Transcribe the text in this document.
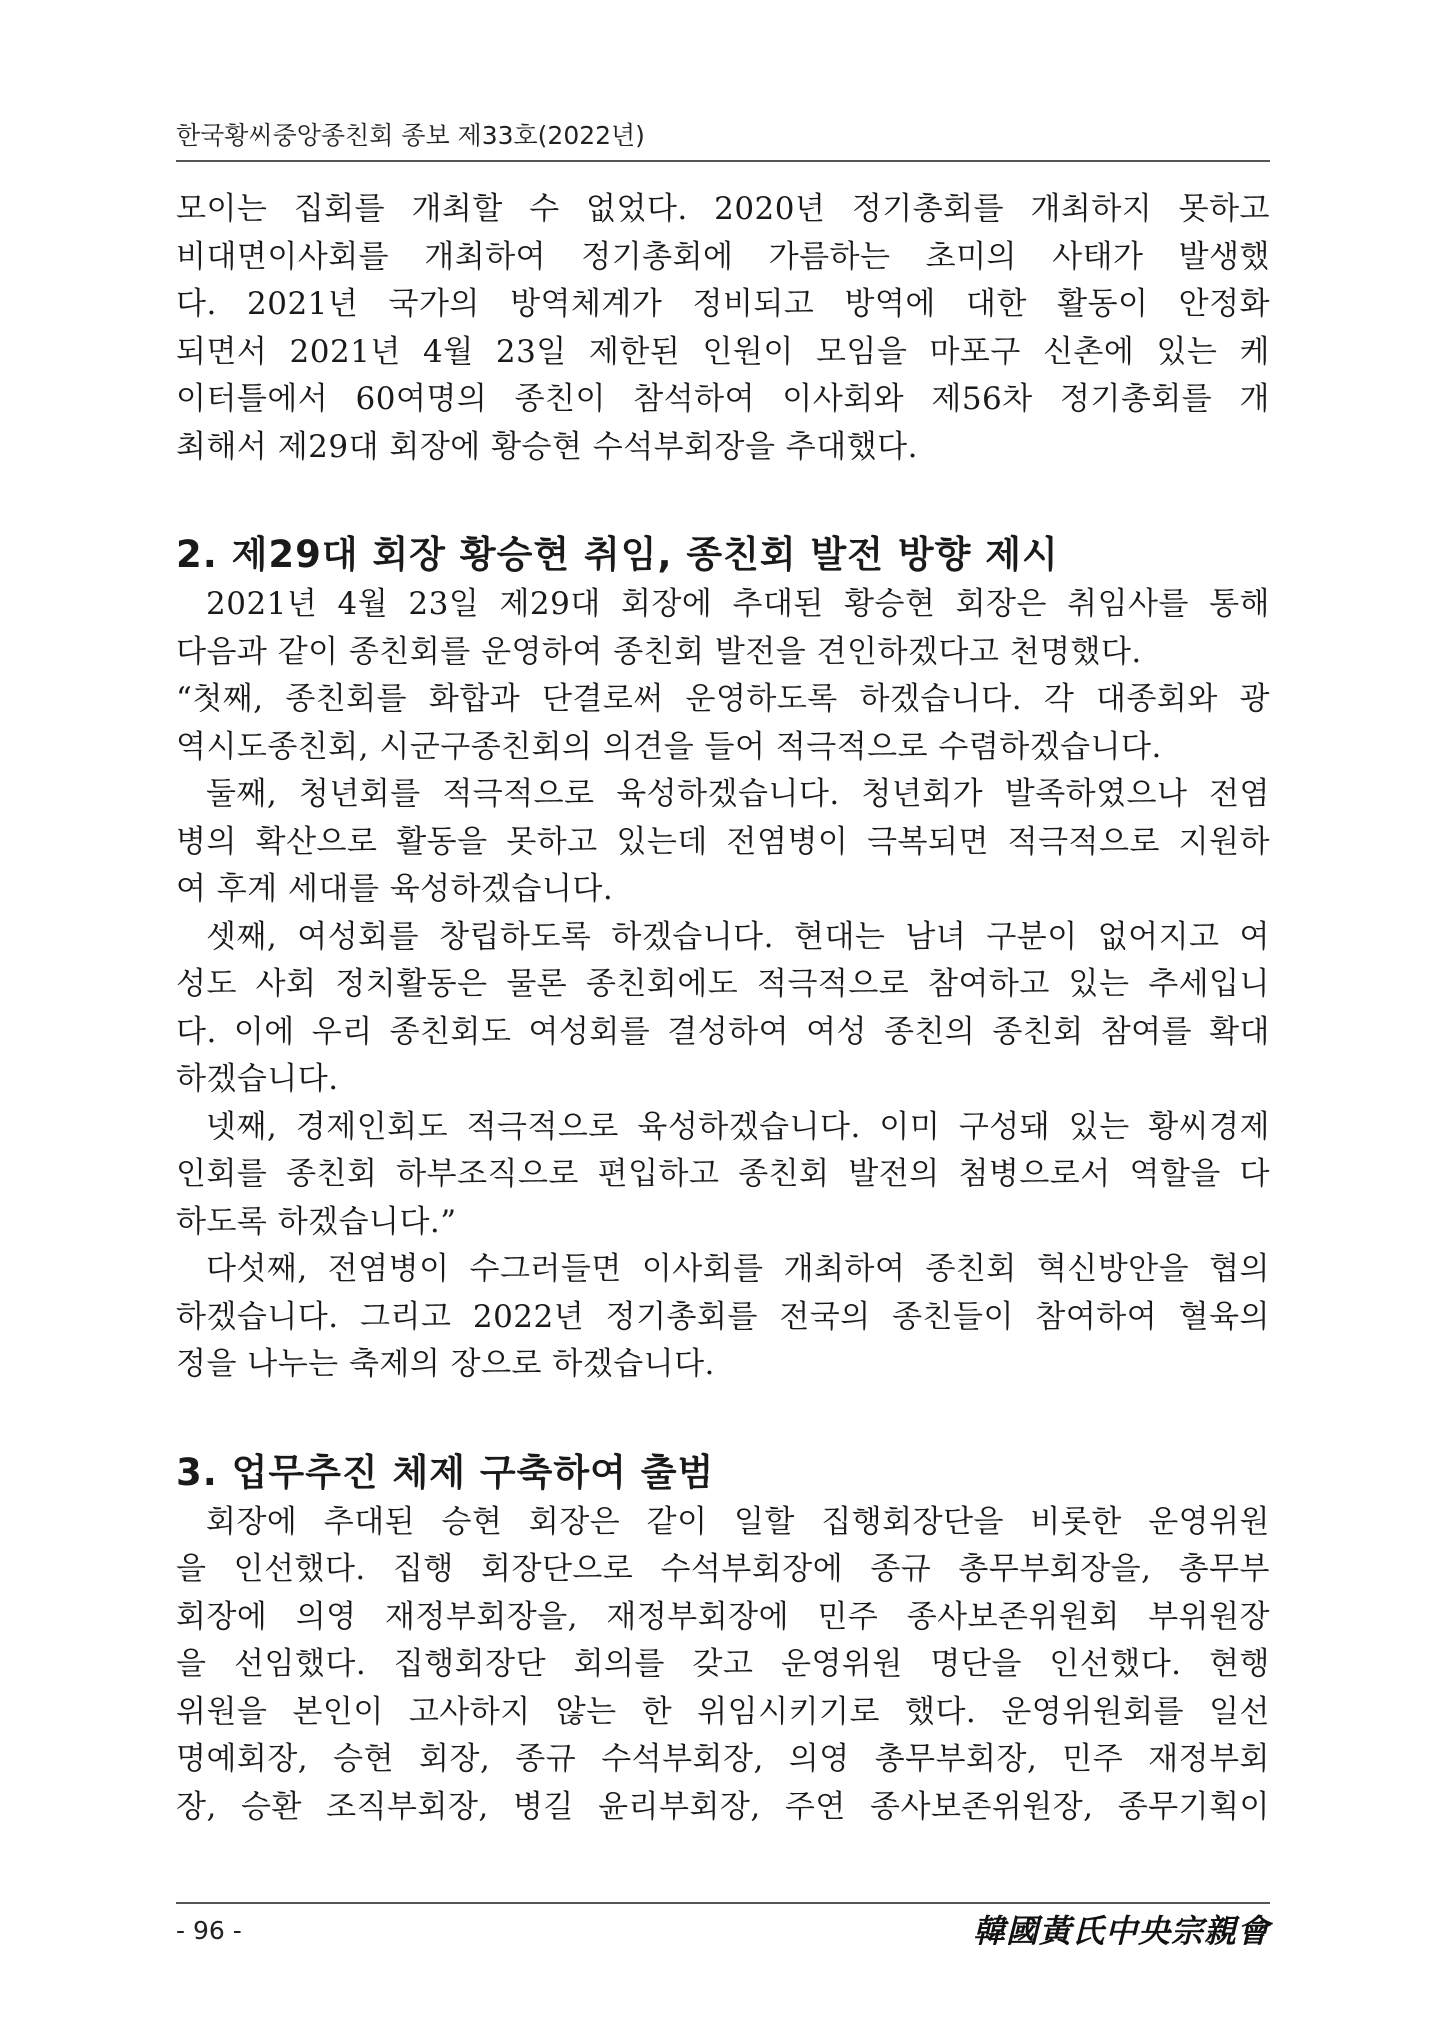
한국황씨중앙종친회 종보 제33호(2022년)

모이는 집회를 개최할 수 없었다. 2020년 정기총회를 개최하지 못하고

비대면이사회를 개최하여 정기총회에 가름하는 초미의 사태가 발생했

다. 2021년 국가의 방역체계가 정비되고 방역에 대한 활동이 안정화

되면서 2021년 4월 23일 제한된 인원이 모임을 마포구 신촌에 있는 케

이터틀에서 60여명의 종친이 참석하여 이사회와 제56차 정기총회를 개

최해서 제29대 회장에 황승현 수석부회장을 추대했다.

2. 제29대 회장 황승현 취임, 종친회 발전 방향 제시

2021년 4월 23일 제29대 회장에 추대된 황승현 회장은 취임사를 통해

다음과 같이 종친회를 운영하여 종친회 발전을 견인하겠다고 천명했다.

“첫째, 종친회를 화합과 단결로써 운영하도록 하겠습니다. 각 대종회와 광

역시도종친회, 시군구종친회의 의견을 들어 적극적으로 수렴하겠습니다.

둘째, 청년회를 적극적으로 육성하겠습니다. 청년회가 발족하였으나 전염

병의 확산으로 활동을 못하고 있는데 전염병이 극복되면 적극적으로 지원하

여 후계 세대를 육성하겠습니다.

셋째, 여성회를 창립하도록 하겠습니다. 현대는 남녀 구분이 없어지고 여

성도 사회 정치활동은 물론 종친회에도 적극적으로 참여하고 있는 추세입니

다. 이에 우리 종친회도 여성회를 결성하여 여성 종친의 종친회 참여를 확대

하겠습니다.

넷째, 경제인회도 적극적으로 육성하겠습니다. 이미 구성돼 있는 황씨경제

인회를 종친회 하부조직으로 편입하고 종친회 발전의 첨병으로서 역할을 다

하도록 하겠습니다.”

다섯째, 전염병이 수그러들면 이사회를 개최하여 종친회 혁신방안을 협의

하겠습니다. 그리고 2022년 정기총회를 전국의 종친들이 참여하여 혈육의

정을 나누는 축제의 장으로 하겠습니다.

3. 업무추진 체제 구축하여 출범

회장에 추대된 승현 회장은 같이 일할 집행회장단을 비롯한 운영위원

을 인선했다. 집행 회장단으로 수석부회장에 종규 총무부회장을, 총무부

회장에 의영 재정부회장을, 재정부회장에 민주 종사보존위원회 부위원장

을 선임했다. 집행회장단 회의를 갖고 운영위원 명단을 인선했다. 현행

위원을 본인이 고사하지 않는 한 위임시키기로 했다. 운영위원회를 일선

명예회장, 승현 회장, 종규 수석부회장, 의영 총무부회장, 민주 재정부회

장, 승환 조직부회장, 병길 윤리부회장, 주연 종사보존위원장, 종무기획이

- 96 -	韓國黃氏中央宗親會
